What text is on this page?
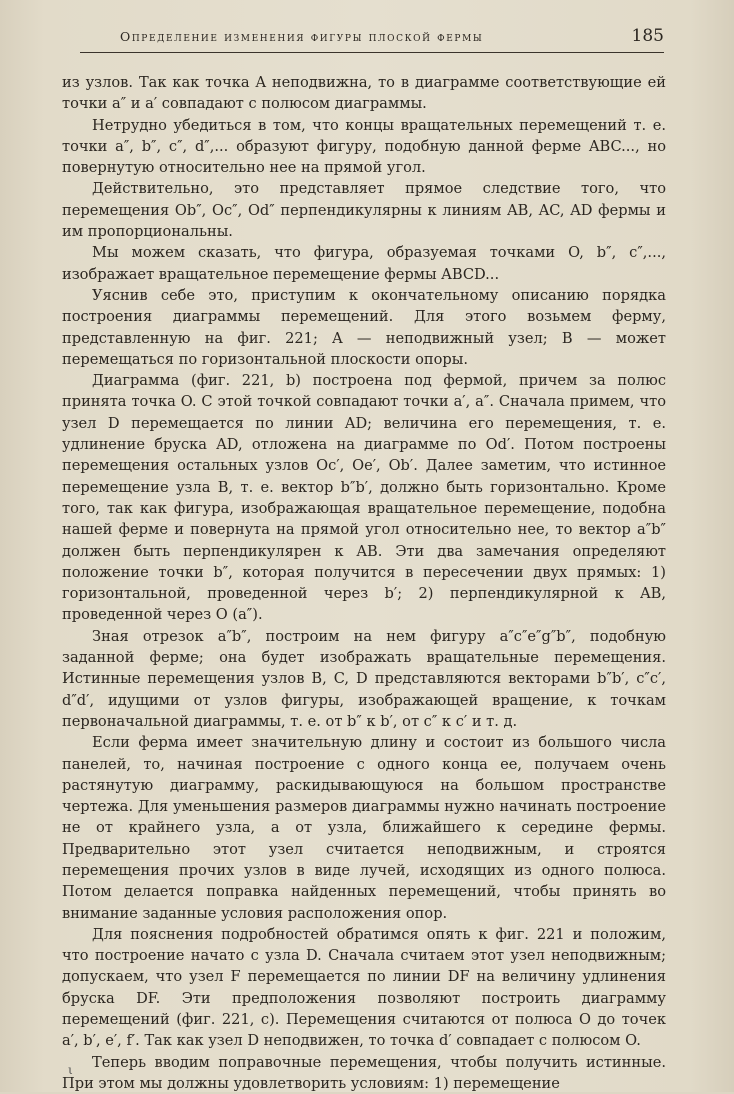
Определение изменения фигуры плоской фермы	185

из узлов. Так как точка A неподвижна, то в диаграмме соответствующие ей точки a″ и a′ совпадают с полюсом диаграммы.

Нетрудно убедиться в том, что концы вращательных перемещений т. е. точки a″, b″, c″, d″,... образуют фигуру, подобную данной ферме ABC..., но повернутую относительно нее на прямой угол.

Действительно, это представляет прямое следствие того, что перемещения Ob″, Oc″, Od″ перпендикулярны к линиям AB, AC, AD фермы и им пропорциональны.

Мы можем сказать, что фигура, образуемая точками O, b″, c″,..., изображает вращательное перемещение фермы ABCD...

Уяснив себе это, приступим к окончательному описанию порядка построения диаграммы перемещений. Для этого возьмем ферму, представленную на фиг. 221; A — неподвижный узел; B — может перемещаться по горизонтальной плоскости опоры.

Диаграмма (фиг. 221, b) построена под фермой, причем за полюс принята точка O. С этой точкой совпадают точки a′, a″. Сначала примем, что узел D перемещается по линии AD; величина его перемещения, т. е. удлинение бруска AD, отложена на диаграмме по Od′. Потом построены перемещения остальных узлов Oc′, Oe′, Ob′. Далее заметим, что истинное перемещение узла B, т. е. вектор b″b′, должно быть горизонтально. Кроме того, так как фигура, изображающая вращательное перемещение, подобна нашей ферме и повернута на прямой угол относительно нее, то вектор a″b″ должен быть перпендикулярен к AB. Эти два замечания определяют положение точки b″, которая получится в пересечении двух прямых: 1) горизонтальной, проведенной через b′; 2) перпендикулярной к AB, проведенной через O (a″).

Зная отрезок a″b″, построим на нем фигуру a″c″e″g″b″, подобную заданной ферме; она будет изображать вращательные перемещения. Истинные перемещения узлов B, C, D представляются векторами b″b′, c″c′, d″d′, идущими от узлов фигуры, изображающей вращение, к точкам первоначальной диаграммы, т. е. от b″ к b′, от c″ к c′ и т. д.

Если ферма имеет значительную длину и состоит из большого числа панелей, то, начиная построение с одного конца ее, получаем очень растянутую диаграмму, раскидывающуюся на большом пространстве чертежа. Для уменьшения размеров диаграммы нужно начинать построение не от крайнего узла, а от узла, ближайшего к середине фермы. Предварительно этот узел считается неподвижным, и строятся перемещения прочих узлов в виде лучей, исходящих из одного полюса. Потом делается поправка найденных перемещений, чтобы принять во внимание заданные условия расположения опор.

Для пояснения подробностей обратимся опять к фиг. 221 и положим, что построение начато с узла D. Сначала считаем этот узел неподвижным; допускаем, что узел F перемещается по линии DF на величину удлинения бруска DF. Эти предположения позволяют построить диаграмму перемещений (фиг. 221, c). Перемещения считаются от полюса O до точек a′, b′, e′, f′. Так как узел D неподвижен, то точка d′ совпадает с полюсом O.

Теперь вводим поправочные перемещения, чтобы получить истинные. При этом мы должны удовлетворить условиям: 1) перемещение

ι
